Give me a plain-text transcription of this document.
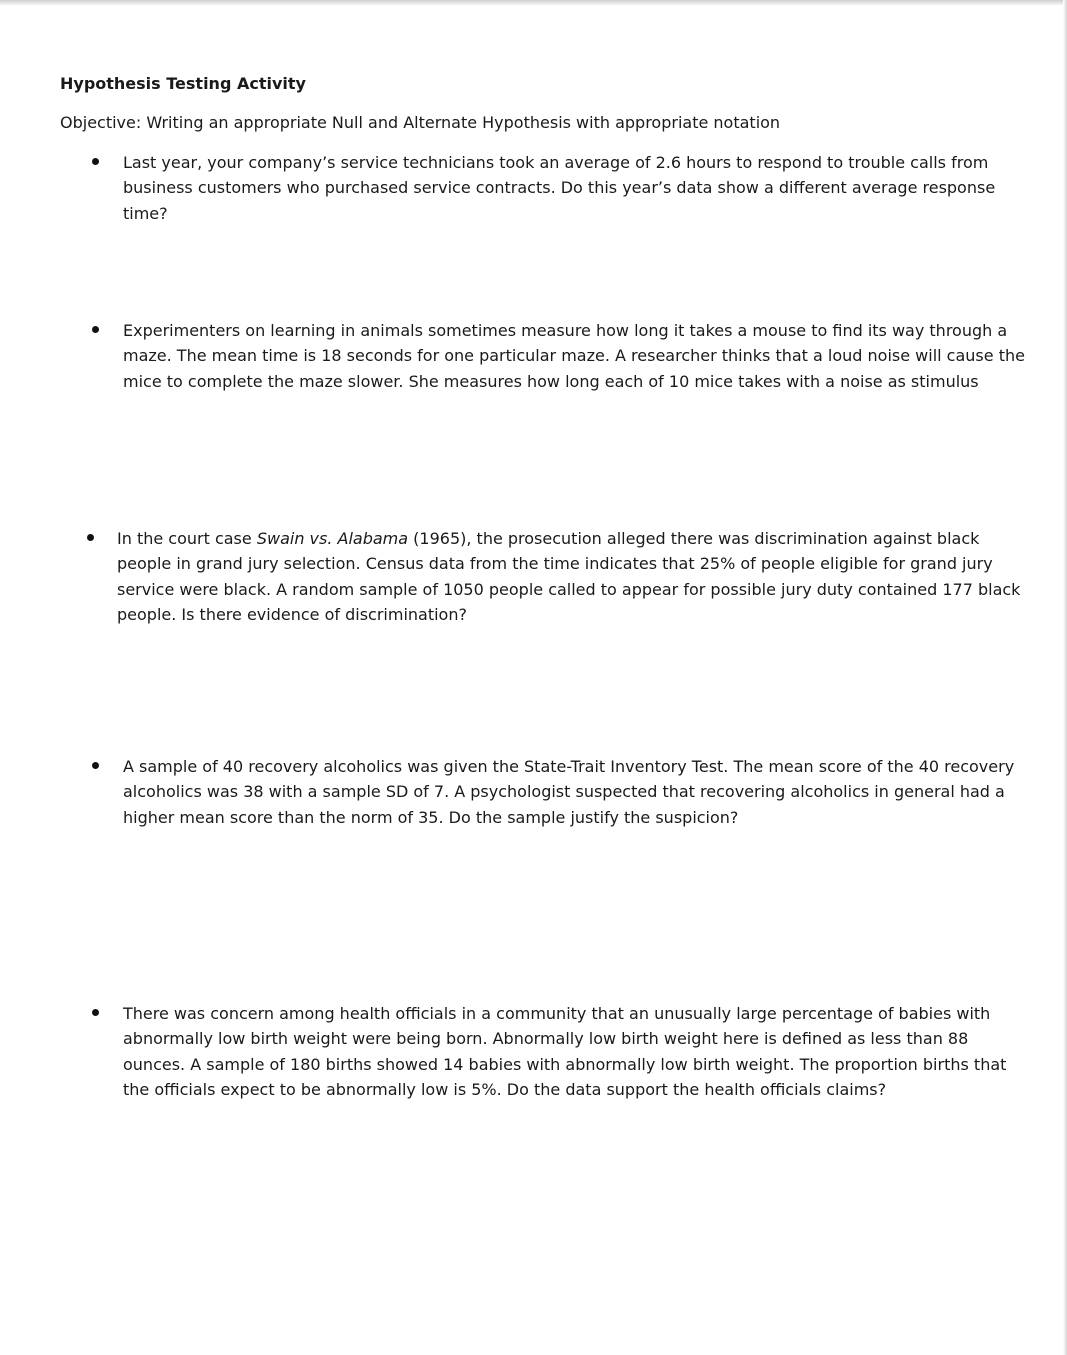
Hypothesis Testing Activity

Objective: Writing an appropriate Null and Alternate Hypothesis with appropriate notation

Last year, your company’s service technicians took an average of 2.6 hours to respond to trouble calls from
business customers who purchased service contracts. Do this year’s data show a different average response
time?

Experimenters on learning in animals sometimes measure how long it takes a mouse to find its way through a
maze. The mean time is 18 seconds for one particular maze. A researcher thinks that a loud noise will cause the
mice to complete the maze slower. She measures how long each of 10 mice takes with a noise as stimulus

In the court case Swain vs. Alabama (1965), the prosecution alleged there was discrimination against black
people in grand jury selection. Census data from the time indicates that 25% of people eligible for grand jury
service were black. A random sample of 1050 people called to appear for possible jury duty contained 177 black
people. Is there evidence of discrimination?

A sample of 40 recovery alcoholics was given the State-Trait Inventory Test. The mean score of the 40 recovery
alcoholics was 38 with a sample SD of 7. A psychologist suspected that recovering alcoholics in general had a
higher mean score than the norm of 35. Do the sample justify the suspicion?

There was concern among health officials in a community that an unusually large percentage of babies with
abnormally low birth weight were being born. Abnormally low birth weight here is defined as less than 88
ounces. A sample of 180 births showed 14 babies with abnormally low birth weight. The proportion births that
the officials expect to be abnormally low is 5%. Do the data support the health officials claims?
